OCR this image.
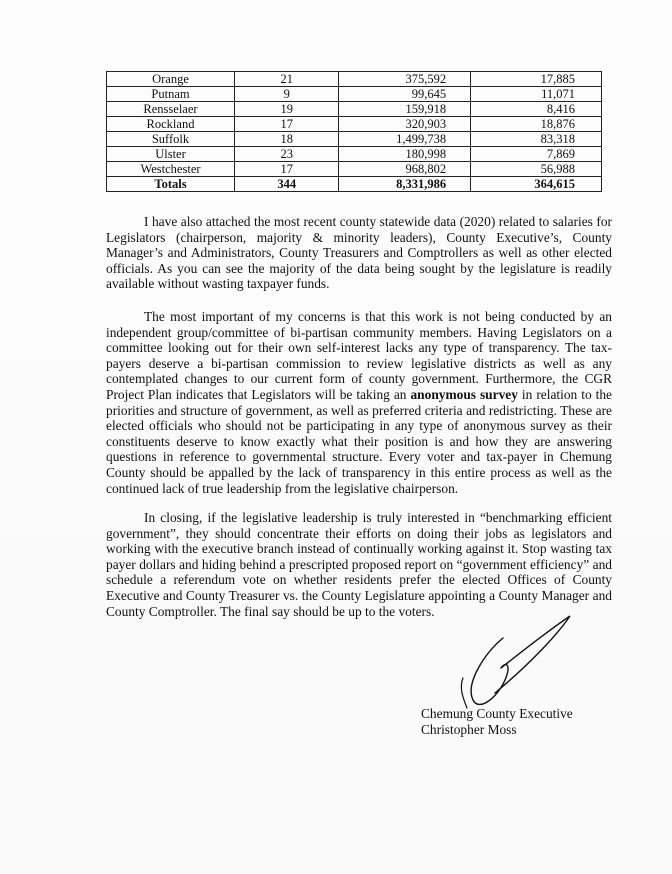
Orange	21	375,592	17,885
Putnam	9	99,645	11,071
Rensselaer	19	159,918	8,416
Rockland	17	320,903	18,876
Suffolk	18	1,499,738	83,318
Ulster	23	180,998	7,869
Westchester	17	968,802	56,988
Totals	344	8,331,986	364,615

I have also attached the most recent county statewide data (2020) related to salaries for Legislators (chairperson, majority & minority leaders), County Executive’s, County Manager’s and Administrators, County Treasurers and Comptrollers as well as other elected officials. As you can see the majority of the data being sought by the legislature is readily available without wasting taxpayer funds.

The most important of my concerns is that this work is not being conducted by an independent group/committee of bi-partisan community members. Having Legislators on a committee looking out for their own self-interest lacks any type of transparency. The tax-payers deserve a bi-partisan commission to review legislative districts as well as any contemplated changes to our current form of county government. Furthermore, the CGR Project Plan indicates that Legislators will be taking an anonymous survey in relation to the priorities and structure of government, as well as preferred criteria and redistricting. These are elected officials who should not be participating in any type of anonymous survey as their constituents deserve to know exactly what their position is and how they are answering questions in reference to governmental structure. Every voter and tax-payer in Chemung County should be appalled by the lack of transparency in this entire process as well as the continued lack of true leadership from the legislative chairperson.

In closing, if the legislative leadership is truly interested in “benchmarking efficient government”, they should concentrate their efforts on doing their jobs as legislators and working with the executive branch instead of continually working against it. Stop wasting tax payer dollars and hiding behind a prescripted proposed report on “government efficiency” and schedule a referendum vote on whether residents prefer the elected Offices of County Executive and County Treasurer vs. the County Legislature appointing a County Manager and County Comptroller. The final say should be up to the voters.

Chemung County Executive
Christopher Moss
